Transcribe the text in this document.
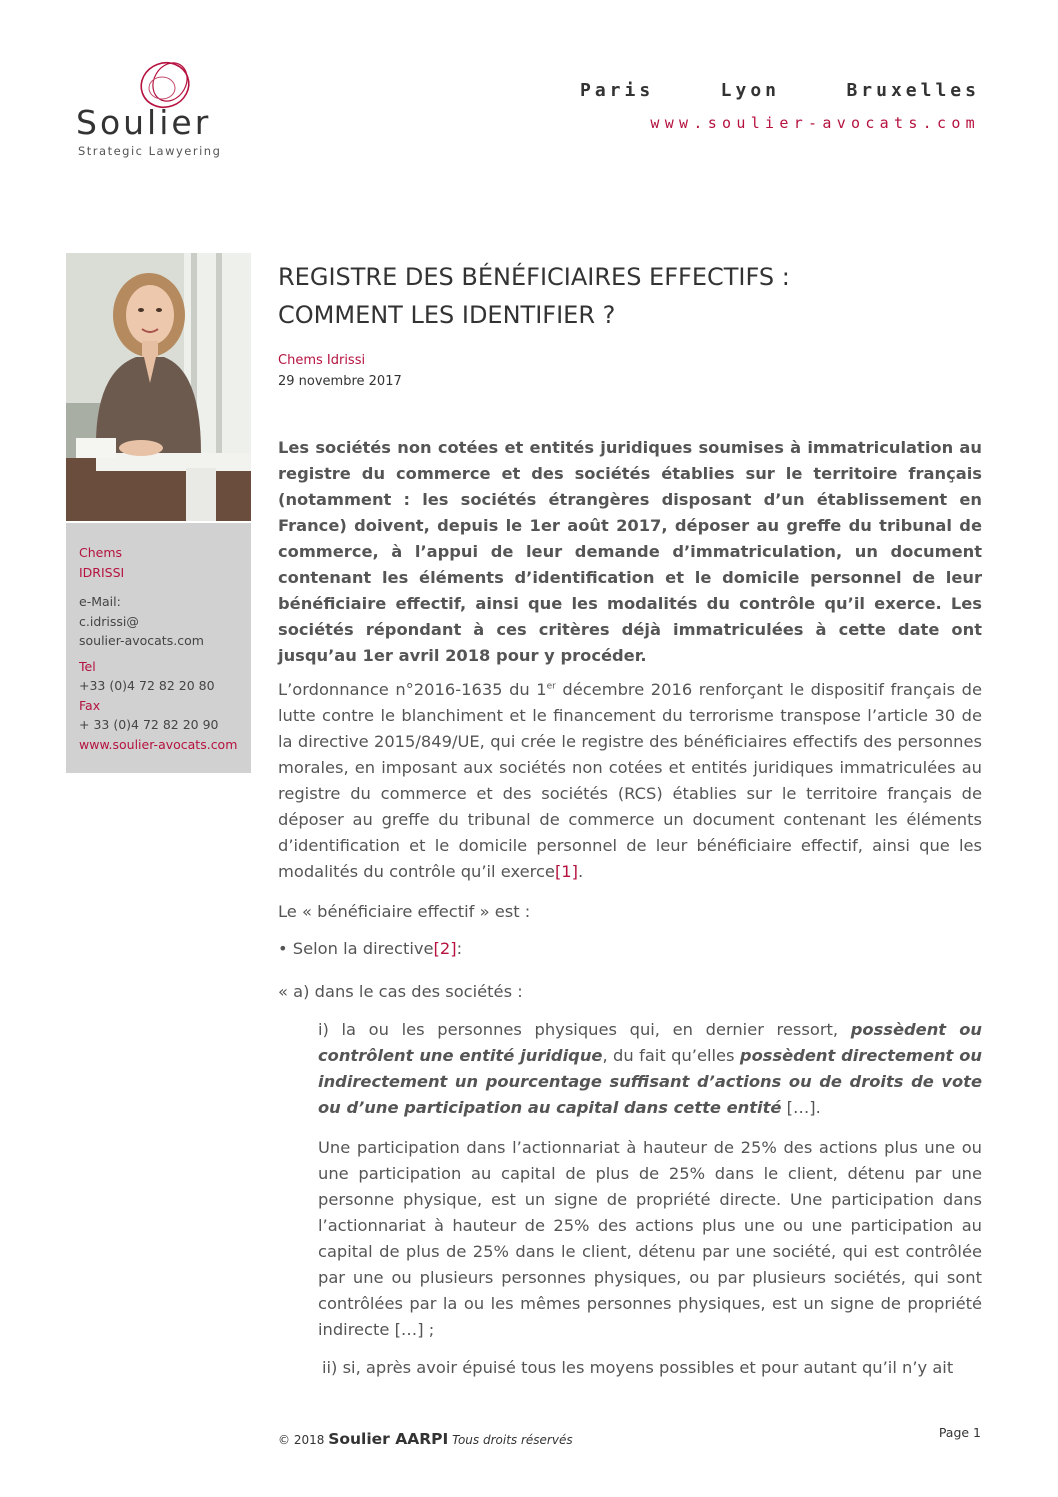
Soulier
Strategic Lawyering
Paris	Lyon	Bruxelles
www.soulier-avocats.com
Chems
IDRISSI
e-Mail:
c.idrissi@
soulier-avocats.com
Tel
+33 (0)4 72 82 20 80
Fax
+ 33 (0)4 72 82 20 90
www.soulier-avocats.com
REGISTRE DES BÉNÉFICIAIRES EFFECTIFS :
COMMENT LES IDENTIFIER ?
Chems Idrissi
29 novembre 2017
Les sociétés non cotées et entités juridiques soumises à immatriculation au registre du commerce et des sociétés établies sur le territoire français (notamment : les sociétés étrangères disposant d’un établissement en France) doivent, depuis le 1er août 2017, déposer au greffe du tribunal de commerce, à l’appui de leur demande d’immatriculation, un document contenant les éléments d’identification et le domicile personnel de leur bénéficiaire effectif, ainsi que les modalités du contrôle qu’il exerce. Les sociétés répondant à ces critères déjà immatriculées à cette date ont jusqu’au 1er avril 2018 pour y procéder.
L’ordonnance n°2016-1635 du 1er décembre 2016 renforçant le dispositif français de lutte contre le blanchiment et le financement du terrorisme transpose l’article 30 de la directive 2015/849/UE, qui crée le registre des bénéficiaires effectifs des personnes morales, en imposant aux sociétés non cotées et entités juridiques immatriculées au registre du commerce et des sociétés (RCS) établies sur le territoire français de déposer au greffe du tribunal de commerce un document contenant les éléments d’identification et le domicile personnel de leur bénéficiaire effectif, ainsi que les modalités du contrôle qu’il exerce[1].
Le « bénéficiaire effectif » est :
• Selon la directive[2]:
« a) dans le cas des sociétés :
i) la ou les personnes physiques qui, en dernier ressort, possèdent ou contrôlent une entité juridique, du fait qu’elles possèdent directement ou indirectement un pourcentage suffisant d’actions ou de droits de vote ou d’une participation au capital dans cette entité […].
Une participation dans l’actionnariat à hauteur de 25% des actions plus une ou une participation au capital de plus de 25% dans le client, détenu par une personne physique, est un signe de propriété directe. Une participation dans l’actionnariat à hauteur de 25% des actions plus une ou une participation au capital de plus de 25% dans le client, détenu par une société, qui est contrôlée par une ou plusieurs personnes physiques, ou par plusieurs sociétés, qui sont contrôlées par la ou les mêmes personnes physiques, est un signe de propriété indirecte […] ;
ii) si, après avoir épuisé tous les moyens possibles et pour autant qu’il n’y ait
© 2018 Soulier AARPI Tous droits réservés	Page 1
